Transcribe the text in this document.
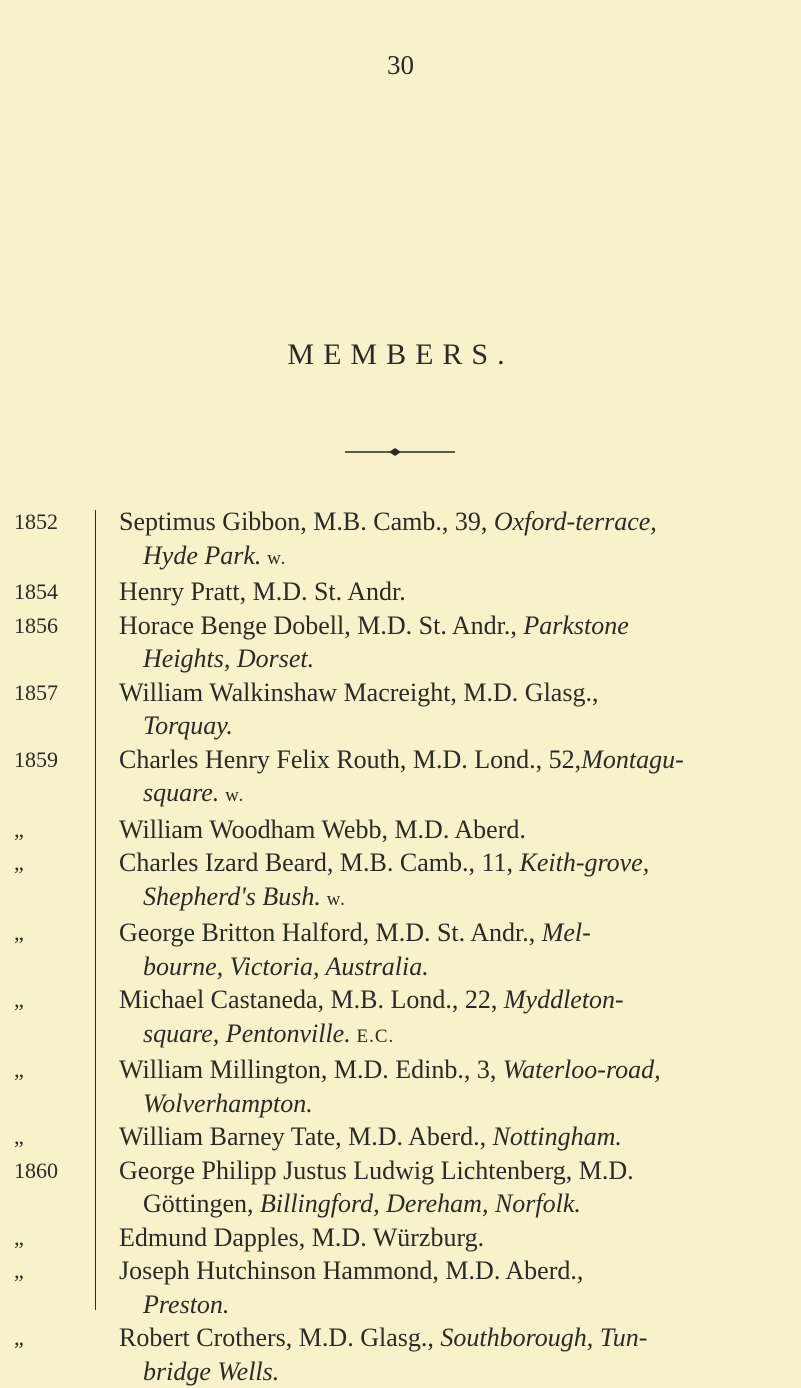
30
MEMBERS.
1852	Septimus Gibbon, M.B. Camb., 39, Oxford-terrace,
Hyde Park. w.
1854	Henry Pratt, M.D. St. Andr.
1856	Horace Benge Dobell, M.D. St. Andr., Parkstone
Heights, Dorset.
1857	William Walkinshaw Macreight, M.D. Glasg.,
Torquay.
1859	Charles Henry Felix Routh, M.D. Lond., 52,Montagu-
square. w.
„	William Woodham Webb, M.D. Aberd.
„	Charles Izard Beard, M.B. Camb., 11, Keith-grove,
Shepherd's Bush. w.
„	George Britton Halford, M.D. St. Andr., Mel-
bourne, Victoria, Australia.
„	Michael Castaneda, M.B. Lond., 22, Myddleton-
square, Pentonville. E.C.
„	William Millington, M.D. Edinb., 3, Waterloo-road,
Wolverhampton.
„	William Barney Tate, M.D. Aberd., Nottingham.
1860	George Philipp Justus Ludwig Lichtenberg, M.D.
Göttingen, Billingford, Dereham, Norfolk.
„	Edmund Dapples, M.D. Würzburg.
„	Joseph Hutchinson Hammond, M.D. Aberd.,
Preston.
„	Robert Crothers, M.D. Glasg., Southborough, Tun-
bridge Wells.
